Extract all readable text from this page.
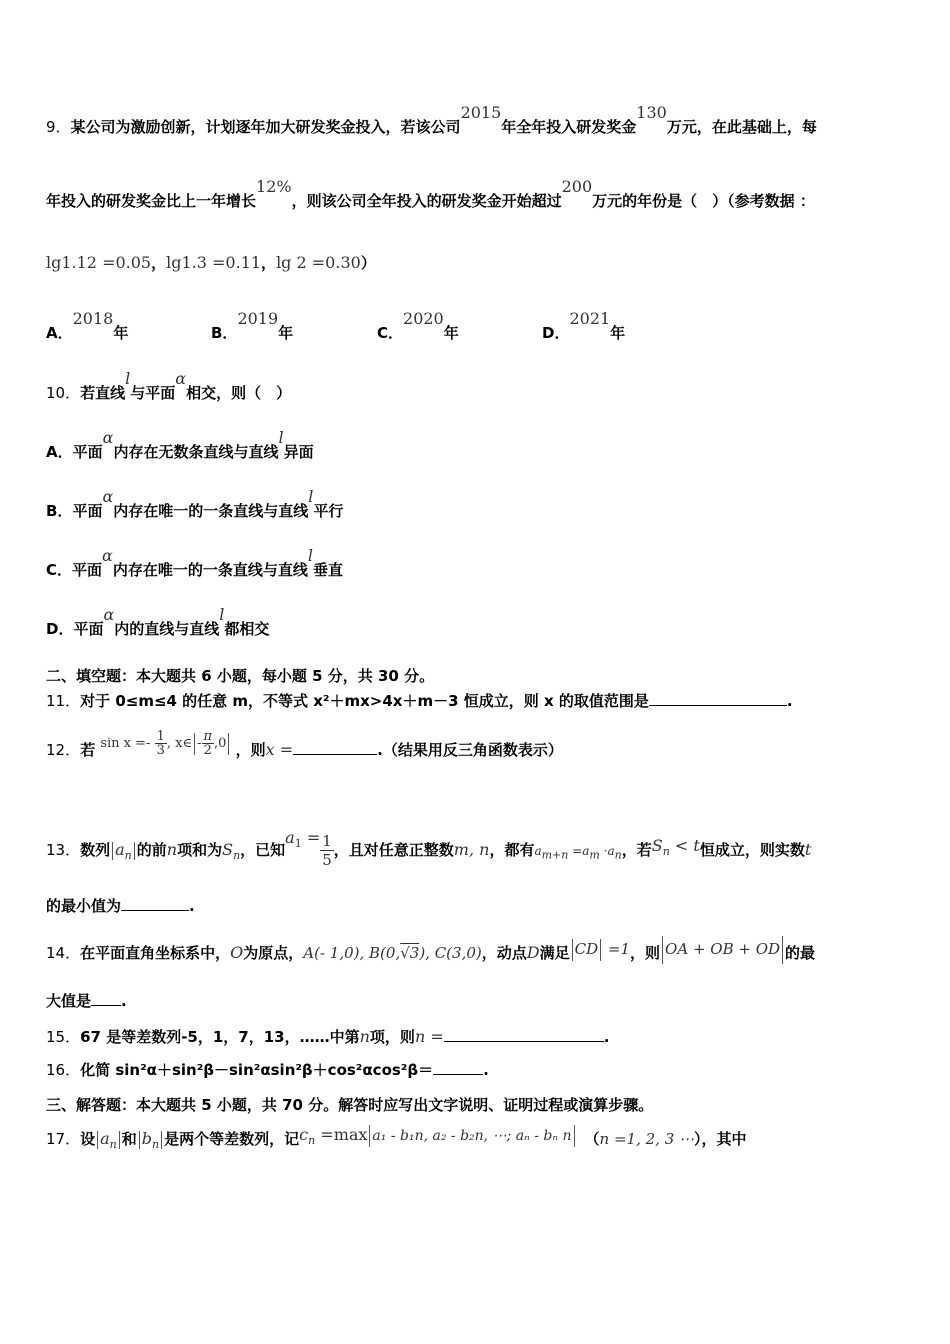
9．某公司为激励创新，计划逐年加大研发奖金投入，若该公司2015年全年投入研发奖金130万元，在此基础上，每
年投入的研发奖金比上一年增长12%，则该公司全年投入的研发奖金开始超过200万元的年份是（　）（参考数据 ：
lg1.12 =0.05，lg1.3 =0.11，lg 2 =0.30）
A．2018年	B．2019年	C．2020年	D．2021年
10．若直线l与平面α相交，则（　）
A．平面α内存在无数条直线与直线l异面
B．平面α内存在唯一的一条直线与直线l平行
C．平面α内存在唯一的一条直线与直线l垂直
D．平面α内的直线与直线l都相交
二、填空题：本大题共 6 小题，每小题 5 分，共 30 分。
11．对于 0≤m≤4 的任意 m，不等式 x²＋mx>4x＋m－3 恒成立，则 x 的取值范围是	.
12．若 $\sin x =- \frac{1}{3}$ , x∈ - $\frac{\pi}{2} ,0$ ，则x =	.（结果用反三角函数表示）
13．数列 $a_n$ 的前n项和为$S_n$，已知$a_1 = \frac{1}{5}$ ，且对任意正整数m, n，都有$a_{m+n} =a_m \cdot a_n$，若$S_n < t$恒成立，则实数t
的最小值为	.
14．在平面直角坐标系中，O为原点，A(- 1,0), B(0,√3), C(3,0)，动点D满足 CD =1，则 OA + OB + OD 的最
大值是 .
15．67 是等差数列-5，1，7，13，……中第n项，则n =	.
16．化简 sin²α＋sin²β－sin²αsin²β＋cos²αcos²β＝	.
三、解答题：本大题共 5 小题，共 70 分。解答时应写出文字说明、证明过程或演算步骤。
17．设 $a_n$ 和 $b_n$ 是两个等差数列，记$c_n =\max$ a₁ - b₁n, a₂ - b₂n, ⋯; aₙ - bₙ n （n =1, 2, 3 ⋯），其中
